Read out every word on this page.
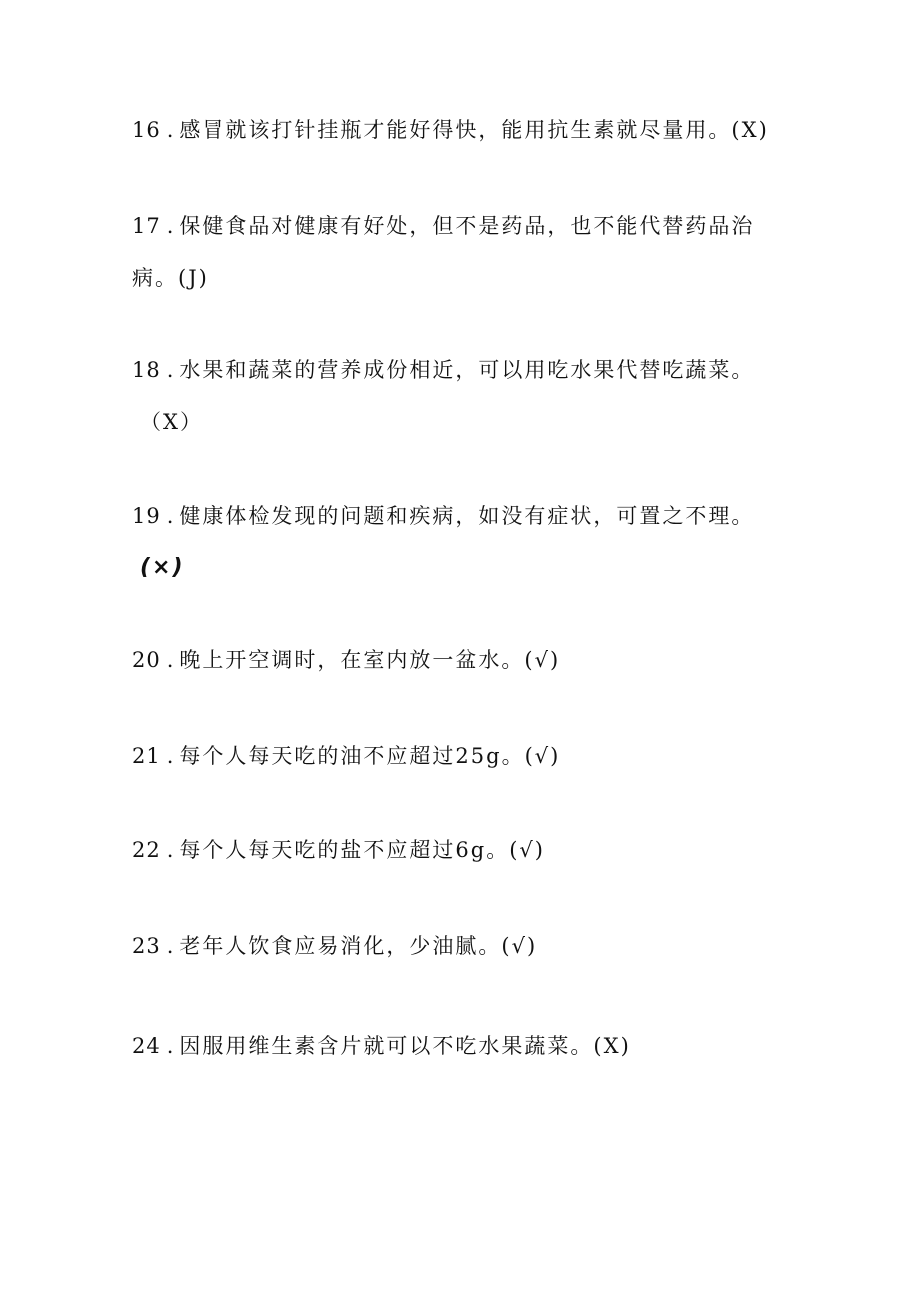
16 . 感冒就该打针挂瓶才能好得快，能用抗生素就尽量用。(X)
17 . 保健食品对健康有好处，但不是药品，也不能代替药品治
病。(J)
18 . 水果和蔬菜的营养成份相近，可以用吃水果代替吃蔬菜。
（X）
19 . 健康体检发现的问题和疾病，如没有症状，可置之不理。
(×)
20 . 晚上开空调时，在室内放一盆水。(√)
21 . 每个人每天吃的油不应超过25g。(√)
22 . 每个人每天吃的盐不应超过6g。(√)
23 . 老年人饮食应易消化，少油腻。(√)
24 . 因服用维生素含片就可以不吃水果蔬菜。(X)
